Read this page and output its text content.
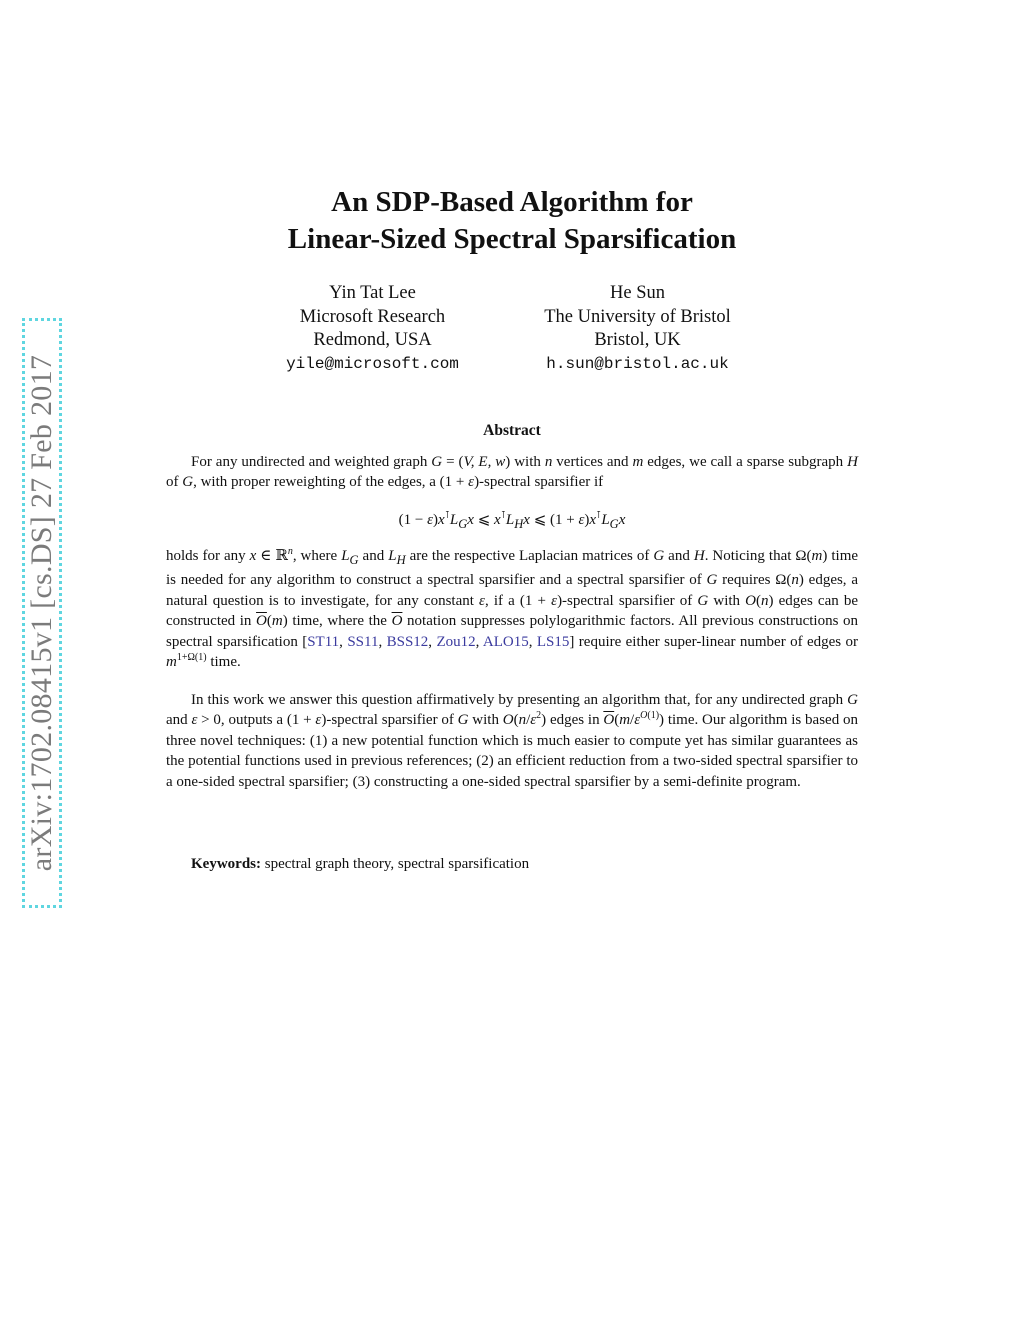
arXiv:1702.08415v1 [cs.DS] 27 Feb 2017
An SDP-Based Algorithm for
Linear-Sized Spectral Sparsification
Yin Tat Lee
Microsoft Research
Redmond, USA
yile@microsoft.com
He Sun
The University of Bristol
Bristol, UK
h.sun@bristol.ac.uk
Abstract
For any undirected and weighted graph G = (V, E, w) with n vertices and m edges, we call a sparse subgraph H of G, with proper reweighting of the edges, a (1 + ε)-spectral sparsifier if
$(1 - \varepsilon)x^⊺L_Gx$ ⩽ $x^⊺L_Hx$ ⩽ $(1 + \varepsilon)x^⊺L_Gx$
holds for any x ∈ ℝ$^n$, where $L_G$ and $L_H$ are the respective Laplacian matrices of G and H. Noticing that Ω(m) time is needed for any algorithm to construct a spectral sparsifier and a spectral sparsifier of G requires Ω(n) edges, a natural question is to investigate, for any constant ε, if a (1 + ε)-spectral sparsifier of G with O(n) edges can be constructed in $\overline{O}(m)$ time, where the $\overline{O}$ notation suppresses polylogarithmic factors. All previous constructions on spectral sparsification [ST11, SS11, BSS12, Zou12, ALO15, LS15] require either super-linear number of edges or $m^{1+\Omega(1)}$ time.
In this work we answer this question affirmatively by presenting an algorithm that, for any undirected graph G and ε > 0, outputs a (1 + ε)-spectral sparsifier of G with $O(n/\varepsilon^2)$ edges in $\overline{O}(m/\varepsilon^{O(1)})$ time. Our algorithm is based on three novel techniques: (1) a new potential function which is much easier to compute yet has similar guarantees as the potential functions used in previous references; (2) an efficient reduction from a two-sided spectral sparsifier to a one-sided spectral sparsifier; (3) constructing a one-sided spectral sparsifier by a semi-definite program.
Keywords: spectral graph theory, spectral sparsification
